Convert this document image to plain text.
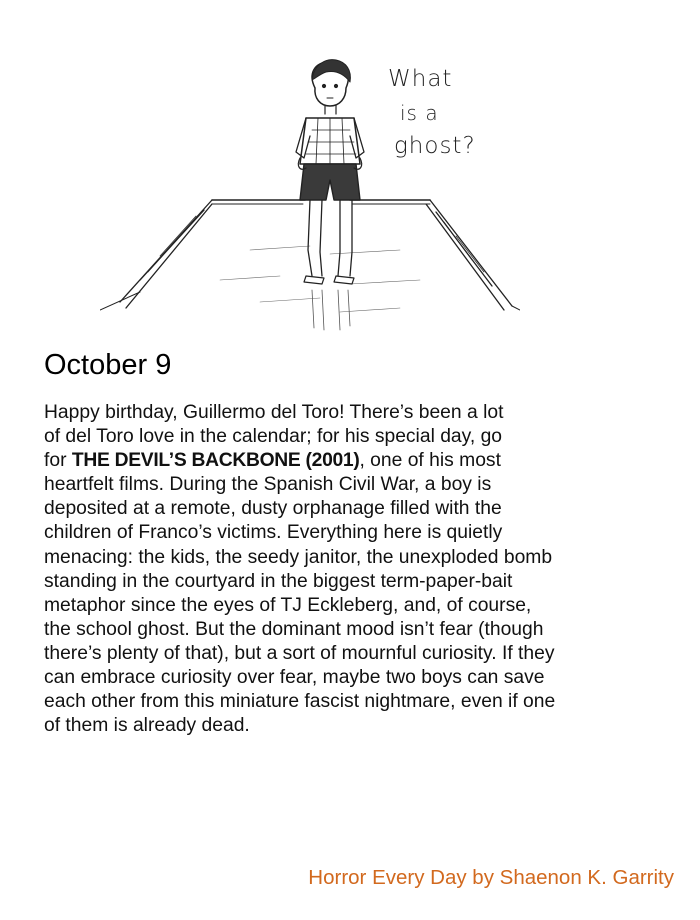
What
is a
ghost?
October 9
Happy birthday, Guillermo del Toro! There’s been a lot
of del Toro love in the calendar; for his special day, go
for THE DEVIL’S BACKBONE (2001), one of his most
heartfelt films. During the Spanish Civil War, a boy is
deposited at a remote, dusty orphanage filled with the
children of Franco’s victims. Everything here is quietly
menacing: the kids, the seedy janitor, the unexploded bomb
standing in the courtyard in the biggest term-paper-bait
metaphor since the eyes of TJ Eckleberg, and, of course,
the school ghost. But the dominant mood isn’t fear (though
there’s plenty of that), but a sort of mournful curiosity. If they
can embrace curiosity over fear, maybe two boys can save
each other from this miniature fascist nightmare, even if one
of them is already dead.
Horror Every Day by Shaenon K. Garrity
